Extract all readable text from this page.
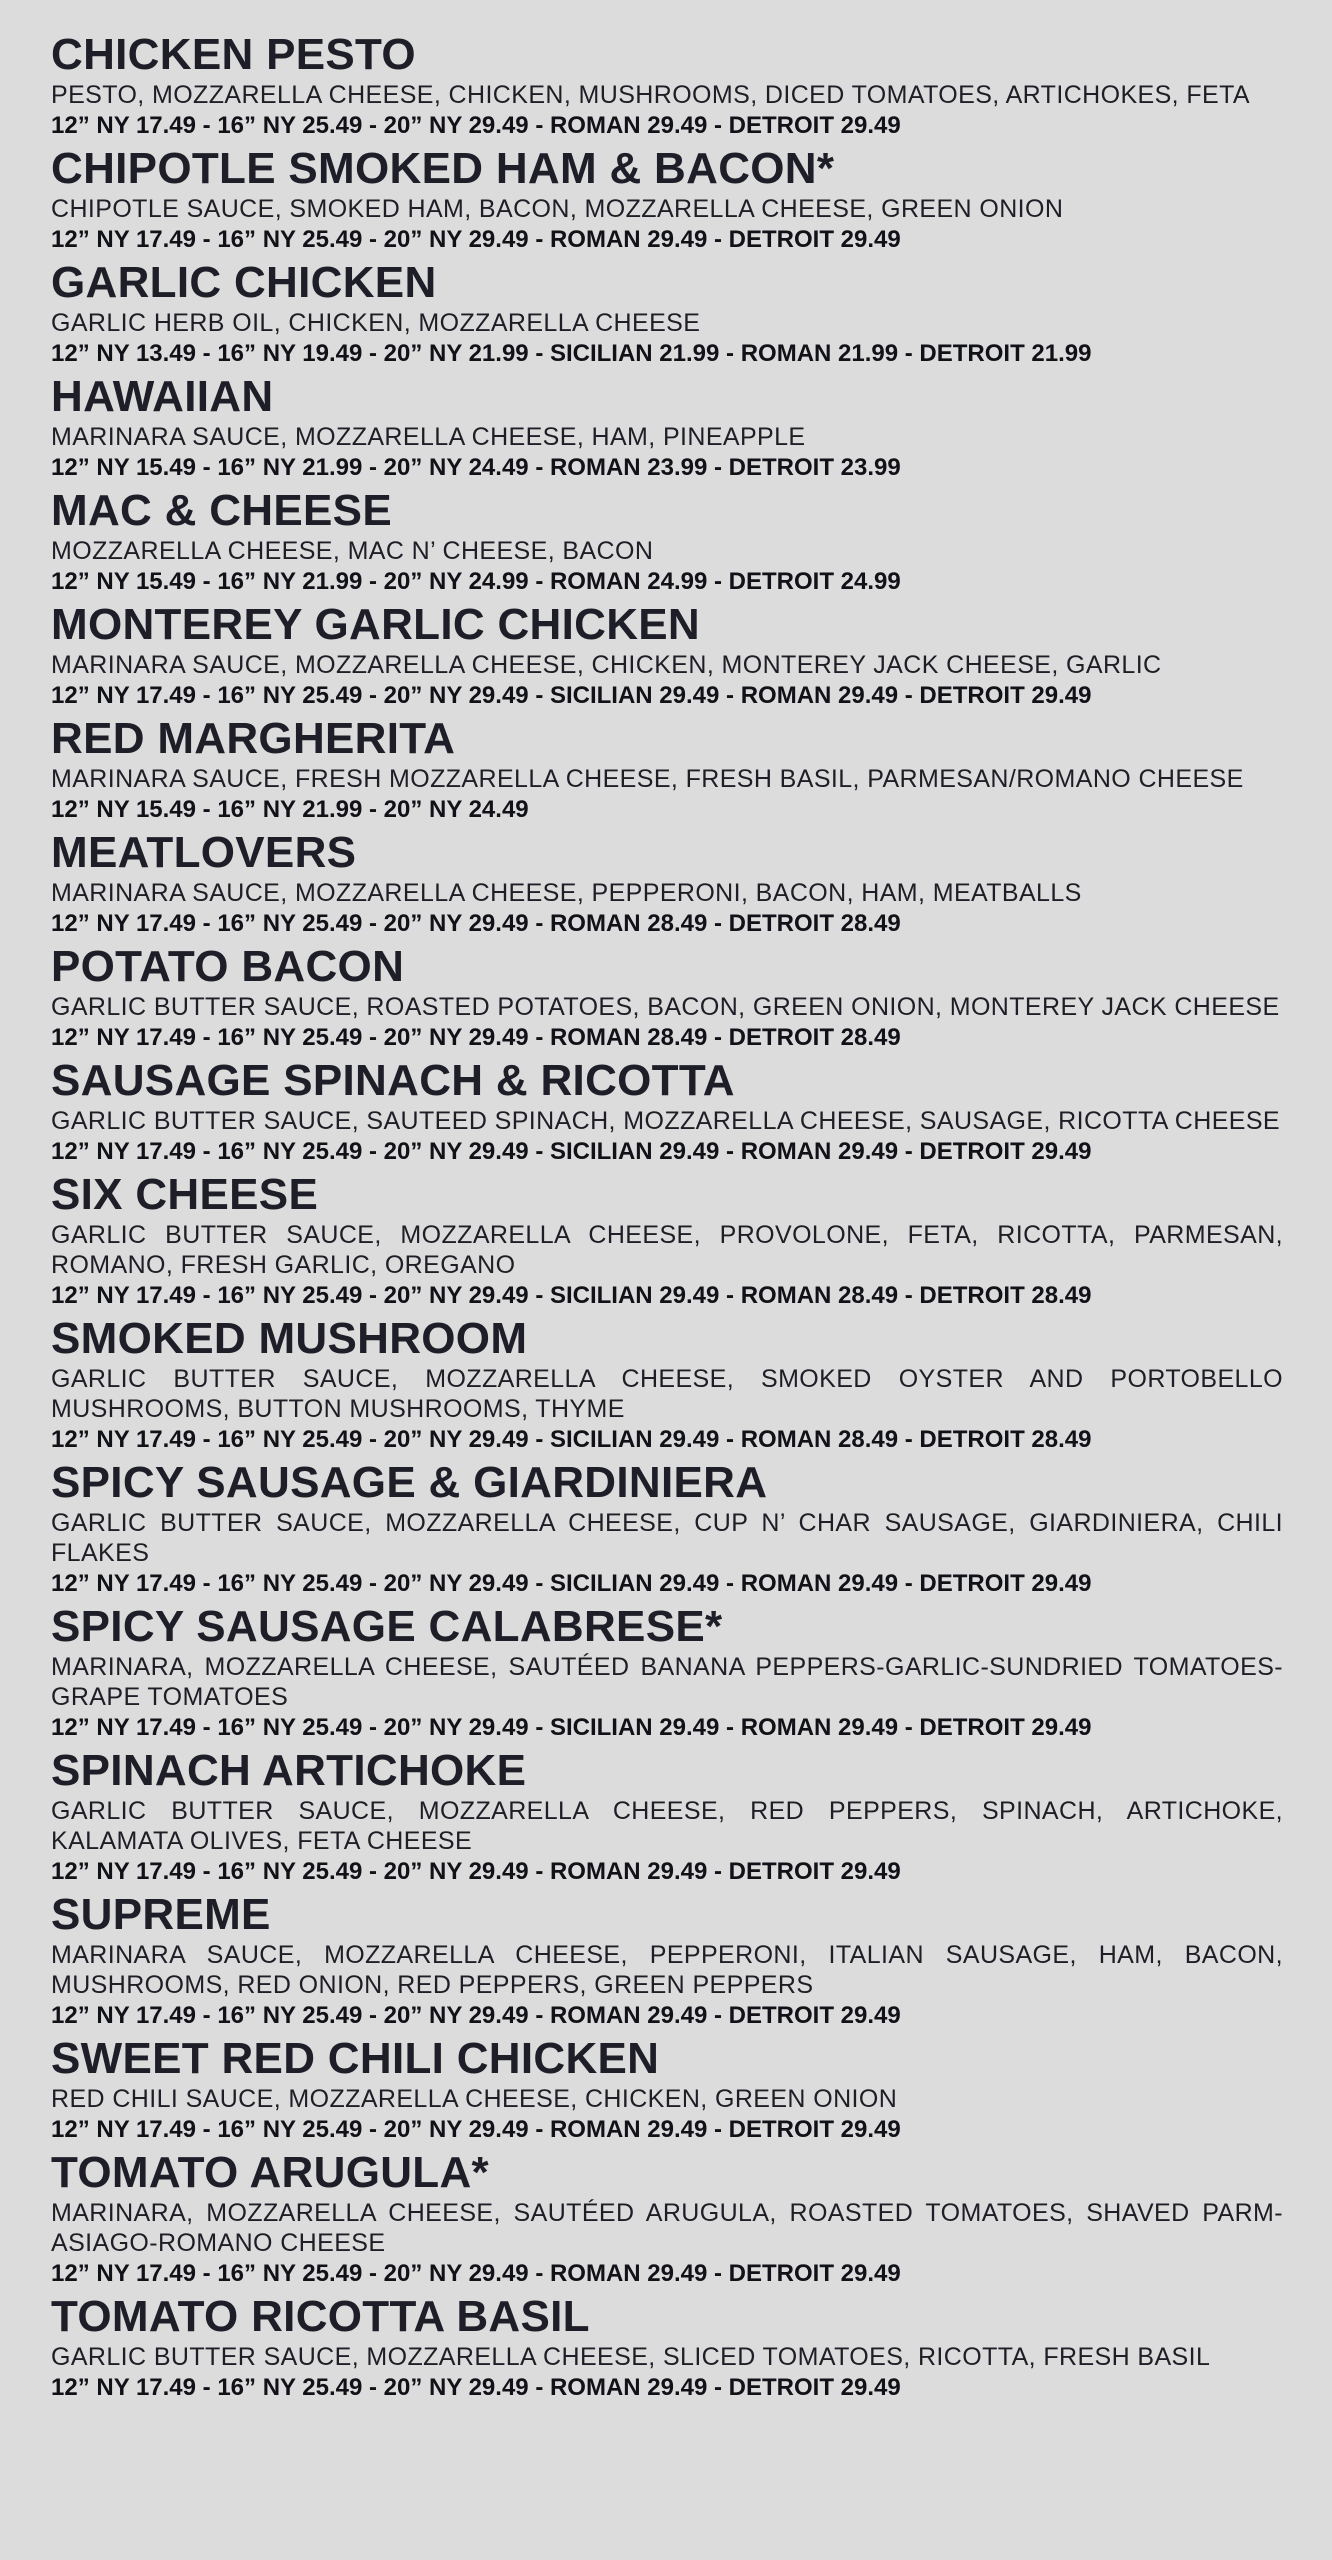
CHICKEN PESTO
PESTO, MOZZARELLA CHEESE, CHICKEN, MUSHROOMS, DICED TOMATOES, ARTICHOKES, FETA
12” NY 17.49 - 16” NY 25.49 - 20” NY 29.49 - ROMAN 29.49 - DETROIT 29.49
CHIPOTLE SMOKED HAM & BACON*
CHIPOTLE SAUCE, SMOKED HAM, BACON, MOZZARELLA CHEESE, GREEN ONION
12” NY 17.49 - 16” NY 25.49 - 20” NY 29.49 - ROMAN 29.49 - DETROIT 29.49
GARLIC CHICKEN
GARLIC HERB OIL, CHICKEN, MOZZARELLA CHEESE
12” NY 13.49 - 16” NY 19.49 - 20” NY 21.99 - SICILIAN 21.99 - ROMAN 21.99 - DETROIT 21.99
HAWAIIAN
MARINARA SAUCE, MOZZARELLA CHEESE, HAM, PINEAPPLE
12” NY 15.49 - 16” NY 21.99 - 20” NY 24.49 - ROMAN 23.99 - DETROIT 23.99
MAC & CHEESE
MOZZARELLA CHEESE, MAC N’ CHEESE, BACON
12” NY 15.49 - 16” NY 21.99 - 20” NY 24.99 - ROMAN 24.99 - DETROIT 24.99
MONTEREY GARLIC CHICKEN
MARINARA SAUCE, MOZZARELLA CHEESE, CHICKEN, MONTEREY JACK CHEESE, GARLIC
12” NY 17.49 - 16” NY 25.49 - 20” NY 29.49 - SICILIAN 29.49 - ROMAN 29.49 - DETROIT 29.49
RED MARGHERITA
MARINARA SAUCE, FRESH MOZZARELLA CHEESE, FRESH BASIL, PARMESAN/ROMANO CHEESE
12” NY 15.49 - 16” NY 21.99 - 20” NY 24.49
MEATLOVERS
MARINARA SAUCE, MOZZARELLA CHEESE, PEPPERONI, BACON, HAM, MEATBALLS
12” NY 17.49 - 16” NY 25.49 - 20” NY 29.49 - ROMAN 28.49 - DETROIT 28.49
POTATO BACON
GARLIC BUTTER SAUCE, ROASTED POTATOES, BACON, GREEN ONION, MONTEREY JACK CHEESE
12” NY 17.49 - 16” NY 25.49 - 20” NY 29.49 - ROMAN 28.49 - DETROIT 28.49
SAUSAGE SPINACH & RICOTTA
GARLIC BUTTER SAUCE, SAUTEED SPINACH, MOZZARELLA CHEESE, SAUSAGE, RICOTTA CHEESE
12” NY 17.49 - 16” NY 25.49 - 20” NY 29.49 - SICILIAN 29.49 - ROMAN 29.49 - DETROIT 29.49
SIX CHEESE
GARLIC BUTTER SAUCE, MOZZARELLA CHEESE, PROVOLONE, FETA, RICOTTA, PARMESAN, ROMANO, FRESH GARLIC, OREGANO
12” NY 17.49 - 16” NY 25.49 - 20” NY 29.49 - SICILIAN 29.49 - ROMAN 28.49 - DETROIT 28.49
SMOKED MUSHROOM
GARLIC BUTTER SAUCE, MOZZARELLA CHEESE, SMOKED OYSTER AND PORTOBELLO MUSHROOMS, BUTTON MUSHROOMS, THYME
12” NY 17.49 - 16” NY 25.49 - 20” NY 29.49 - SICILIAN 29.49 - ROMAN 28.49 - DETROIT 28.49
SPICY SAUSAGE & GIARDINIERA
GARLIC BUTTER SAUCE, MOZZARELLA CHEESE, CUP N’ CHAR SAUSAGE, GIARDINIERA, CHILI FLAKES
12” NY 17.49 - 16” NY 25.49 - 20” NY 29.49 - SICILIAN 29.49 - ROMAN 29.49 - DETROIT 29.49
SPICY SAUSAGE CALABRESE*
MARINARA, MOZZARELLA CHEESE, SAUTÉED BANANA PEPPERS-GARLIC-SUNDRIED TOMATOES-GRAPE TOMATOES
12” NY 17.49 - 16” NY 25.49 - 20” NY 29.49 - SICILIAN 29.49 - ROMAN 29.49 - DETROIT 29.49
SPINACH ARTICHOKE
GARLIC BUTTER SAUCE, MOZZARELLA CHEESE, RED PEPPERS, SPINACH, ARTICHOKE, KALAMATA OLIVES, FETA CHEESE
12” NY 17.49 - 16” NY 25.49 - 20” NY 29.49 - ROMAN 29.49 - DETROIT 29.49
SUPREME
MARINARA SAUCE, MOZZARELLA CHEESE, PEPPERONI, ITALIAN SAUSAGE, HAM, BACON, MUSHROOMS, RED ONION, RED PEPPERS, GREEN PEPPERS
12” NY 17.49 - 16” NY 25.49 - 20” NY 29.49 - ROMAN 29.49 - DETROIT 29.49
SWEET RED CHILI CHICKEN
RED CHILI SAUCE, MOZZARELLA CHEESE, CHICKEN, GREEN ONION
12” NY 17.49 - 16” NY 25.49 - 20” NY 29.49 - ROMAN 29.49 - DETROIT 29.49
TOMATO ARUGULA*
MARINARA, MOZZARELLA CHEESE, SAUTÉED ARUGULA, ROASTED TOMATOES, SHAVED PARM-ASIAGO-ROMANO CHEESE
12” NY 17.49 - 16” NY 25.49 - 20” NY 29.49 - ROMAN 29.49 - DETROIT 29.49
TOMATO RICOTTA BASIL
GARLIC BUTTER SAUCE, MOZZARELLA CHEESE, SLICED TOMATOES, RICOTTA, FRESH BASIL
12” NY 17.49 - 16” NY 25.49 - 20” NY 29.49 - ROMAN 29.49 - DETROIT 29.49
